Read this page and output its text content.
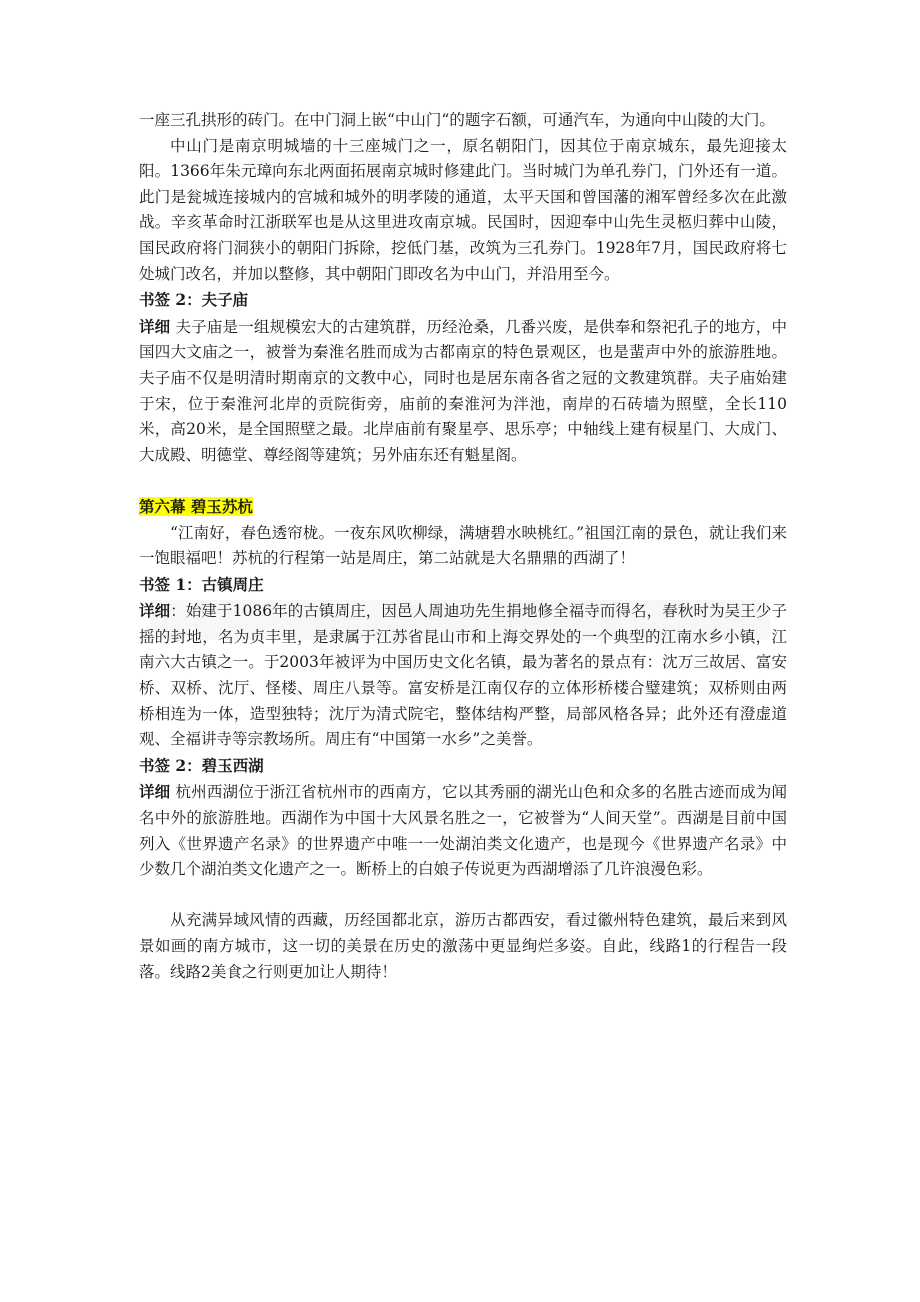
一座三孔拱形的砖门。在中门洞上嵌“中山门“的题字石额，可通汽车，为通向中山陵的大门。

中山门是南京明城墙的十三座城门之一，原名朝阳门，因其位于南京城东，最先迎接太阳。1366年朱元璋向东北两面拓展南京城时修建此门。当时城门为单孔券门，门外还有一道。此门是瓮城连接城内的宫城和城外的明孝陵的通道，太平天国和曾国藩的湘军曾经多次在此激战。辛亥革命时江浙联军也是从这里进攻南京城。民国时，因迎奉中山先生灵柩归葬中山陵，国民政府将门洞狭小的朝阳门拆除，挖低门基，改筑为三孔券门。1928年7月，国民政府将七处城门改名，并加以整修，其中朝阳门即改名为中山门，并沿用至今。

书签 2：夫子庙

详细 夫子庙是一组规模宏大的古建筑群，历经沧桑，几番兴废，是供奉和祭祀孔子的地方，中国四大文庙之一，被誉为秦淮名胜而成为古都南京的特色景观区，也是蜚声中外的旅游胜地。夫子庙不仅是明清时期南京的文教中心，同时也是居东南各省之冠的文教建筑群。夫子庙始建于宋，位于秦淮河北岸的贡院街旁，庙前的秦淮河为泮池，南岸的石砖墙为照壁，全长110米，高20米，是全国照壁之最。北岸庙前有聚星亭、思乐亭；中轴线上建有棂星门、大成门、大成殿、明德堂、尊经阁等建筑；另外庙东还有魁星阁。

第六幕 碧玉苏杭

“江南好，春色透帘栊。一夜东风吹柳绿，满塘碧水映桃红。”祖国江南的景色，就让我们来一饱眼福吧！苏杭的行程第一站是周庄，第二站就是大名鼎鼎的西湖了！

书签 1：古镇周庄

详细：始建于1086年的古镇周庄，因邑人周迪功先生捐地修全福寺而得名，春秋时为吴王少子摇的封地，名为贞丰里，是隶属于江苏省昆山市和上海交界处的一个典型的江南水乡小镇，江南六大古镇之一。于2003年被评为中国历史文化名镇，最为著名的景点有：沈万三故居、富安桥、双桥、沈厅、怪楼、周庄八景等。富安桥是江南仅存的立体形桥楼合璧建筑；双桥则由两桥相连为一体，造型独特；沈厅为清式院宅，整体结构严整，局部风格各异；此外还有澄虚道观、全福讲寺等宗教场所。周庄有“中国第一水乡”之美誉。

书签 2：碧玉西湖

详细 杭州西湖位于浙江省杭州市的西南方，它以其秀丽的湖光山色和众多的名胜古迹而成为闻名中外的旅游胜地。西湖作为中国十大风景名胜之一，它被誉为“人间天堂”。西湖是目前中国列入《世界遗产名录》的世界遗产中唯一一处湖泊类文化遗产，也是现今《世界遗产名录》中少数几个湖泊类文化遗产之一。断桥上的白娘子传说更为西湖增添了几许浪漫色彩。

从充满异域风情的西藏，历经国都北京，游历古都西安，看过徽州特色建筑，最后来到风景如画的南方城市，这一切的美景在历史的激荡中更显绚烂多姿。自此，线路1的行程告一段落。线路2美食之行则更加让人期待！
